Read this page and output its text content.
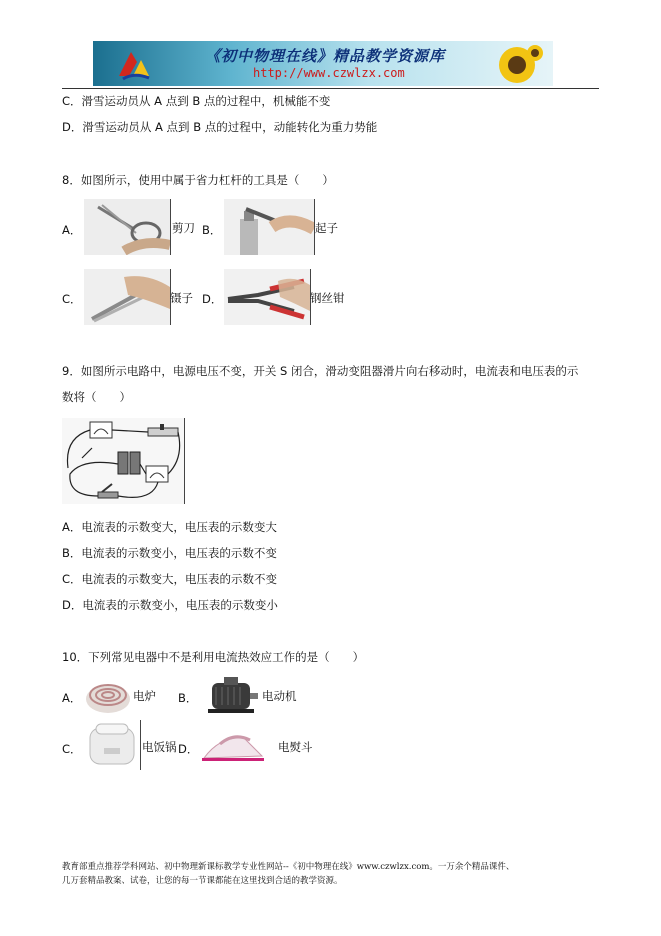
《初中物理在线》精品教学资源库
http://www.czwlzx.com
C．滑雪运动员从 A 点到 B 点的过程中，机械能不变
D．滑雪运动员从 A 点到 B 点的过程中，动能转化为重力势能
8．如图所示，使用中属于省力杠杆的工具是（　　）
A．	剪刀 B．	起子
C．	镊子 D．	钢丝钳
9．如图所示电路中，电源电压不变，开关 S 闭合，滑动变阻器滑片向右移动时，电流表和电压表的示
数将（　　）
A．电流表的示数变大，电压表的示数变大
B．电流表的示数变小，电压表的示数不变
C．电流表的示数变大，电压表的示数不变
D．电流表的示数变小，电压表的示数变小
10．下列常见电器中不是利用电流热效应工作的是（　　）
A．	电炉 B．	电动机
C．	电饭锅 D．	电熨斗
教育部重点推荐学科网站、初中物理新课标教学专业性网站--《初中物理在线》www.czwlzx.com。一万余个精品课件、
几万套精品教案、试卷，让您的每一节课都能在这里找到合适的教学资源。
